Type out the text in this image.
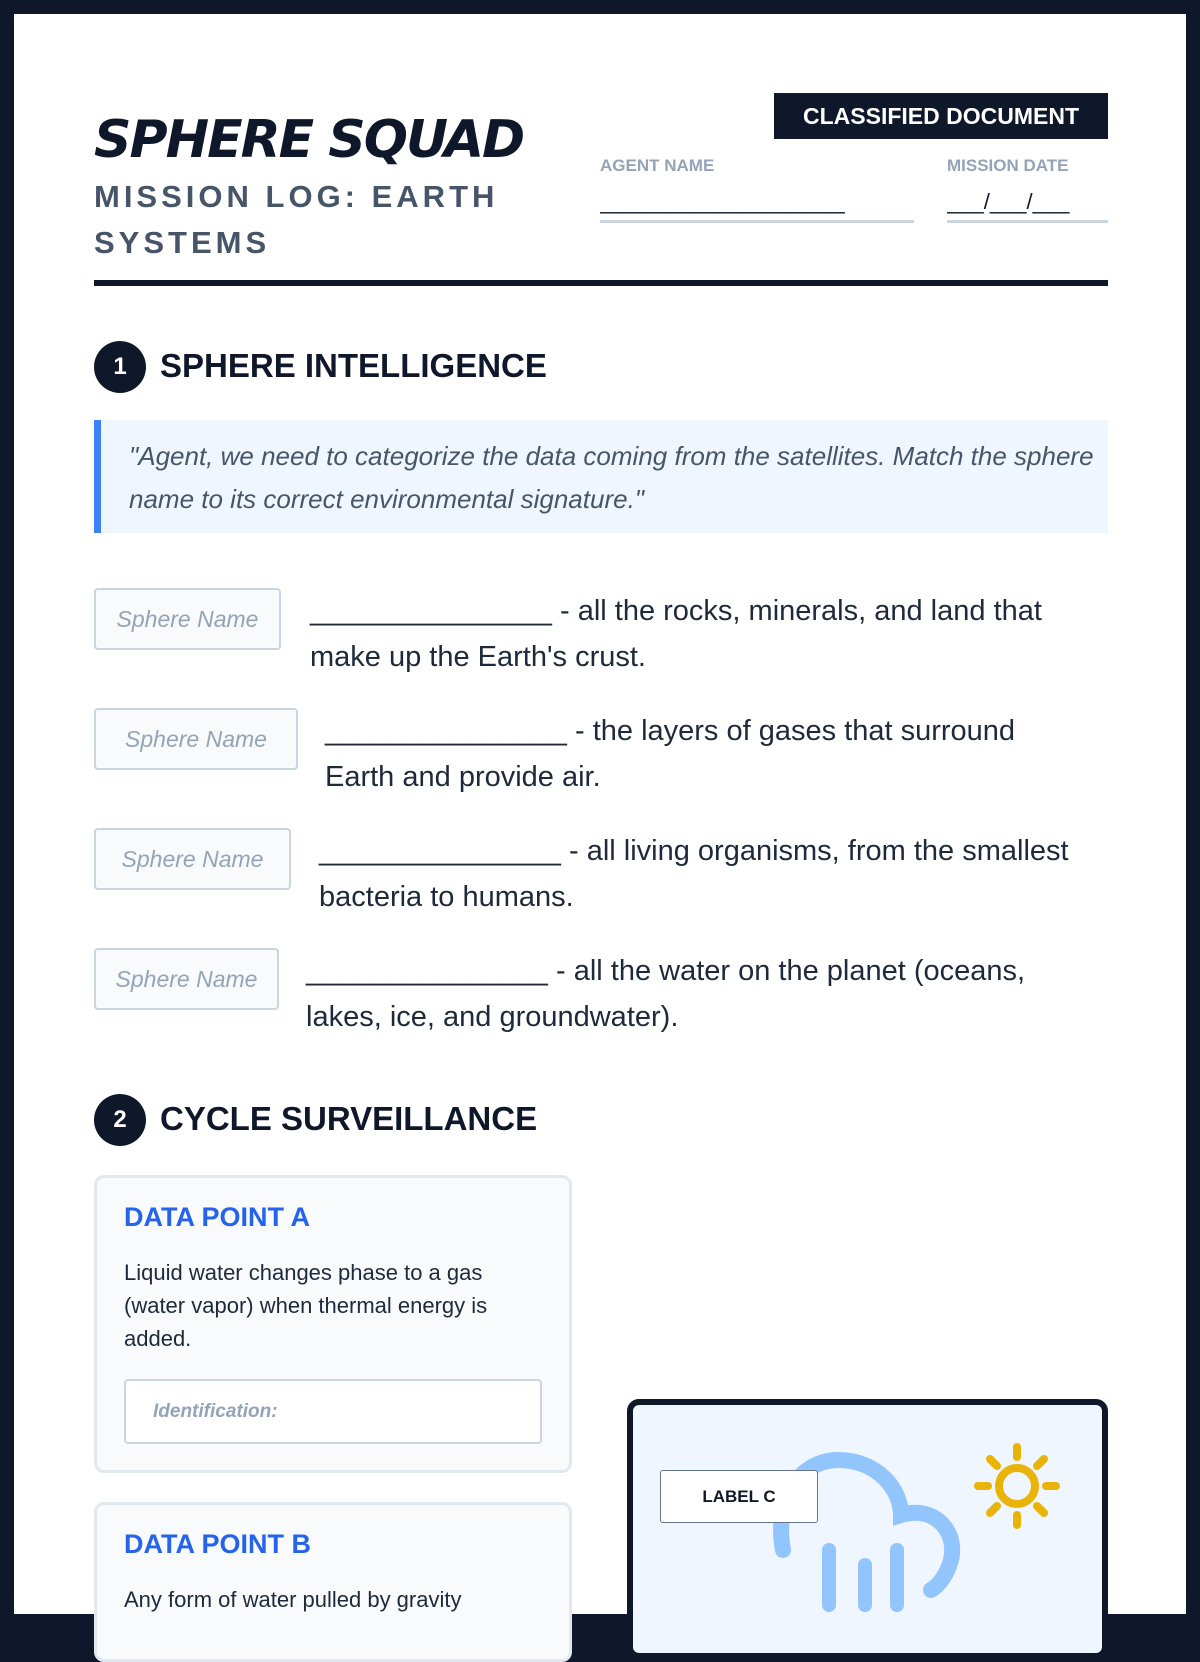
SPHERE SQUAD
MISSION LOG: EARTH SYSTEMS
CLASSIFIED DOCUMENT
AGENT NAME
____________________
MISSION DATE
___/___/___
1	SPHERE INTELLIGENCE
"Agent, we need to categorize the data coming from the satellites. Match the sphere name to its correct environmental signature."
Sphere Name	_______________ - all the rocks, minerals, and land that make up the Earth's crust.
Sphere Name	_______________ - the layers of gases that surround Earth and provide air.
Sphere Name	_______________ - all living organisms, from the smallest bacteria to humans.
Sphere Name	_______________ - all the water on the planet (oceans, lakes, ice, and groundwater).
2	CYCLE SURVEILLANCE
DATA POINT A
Liquid water changes phase to a gas (water vapor) when thermal energy is added.
Identification:
DATA POINT B
Any form of water pulled by gravity
LABEL C
